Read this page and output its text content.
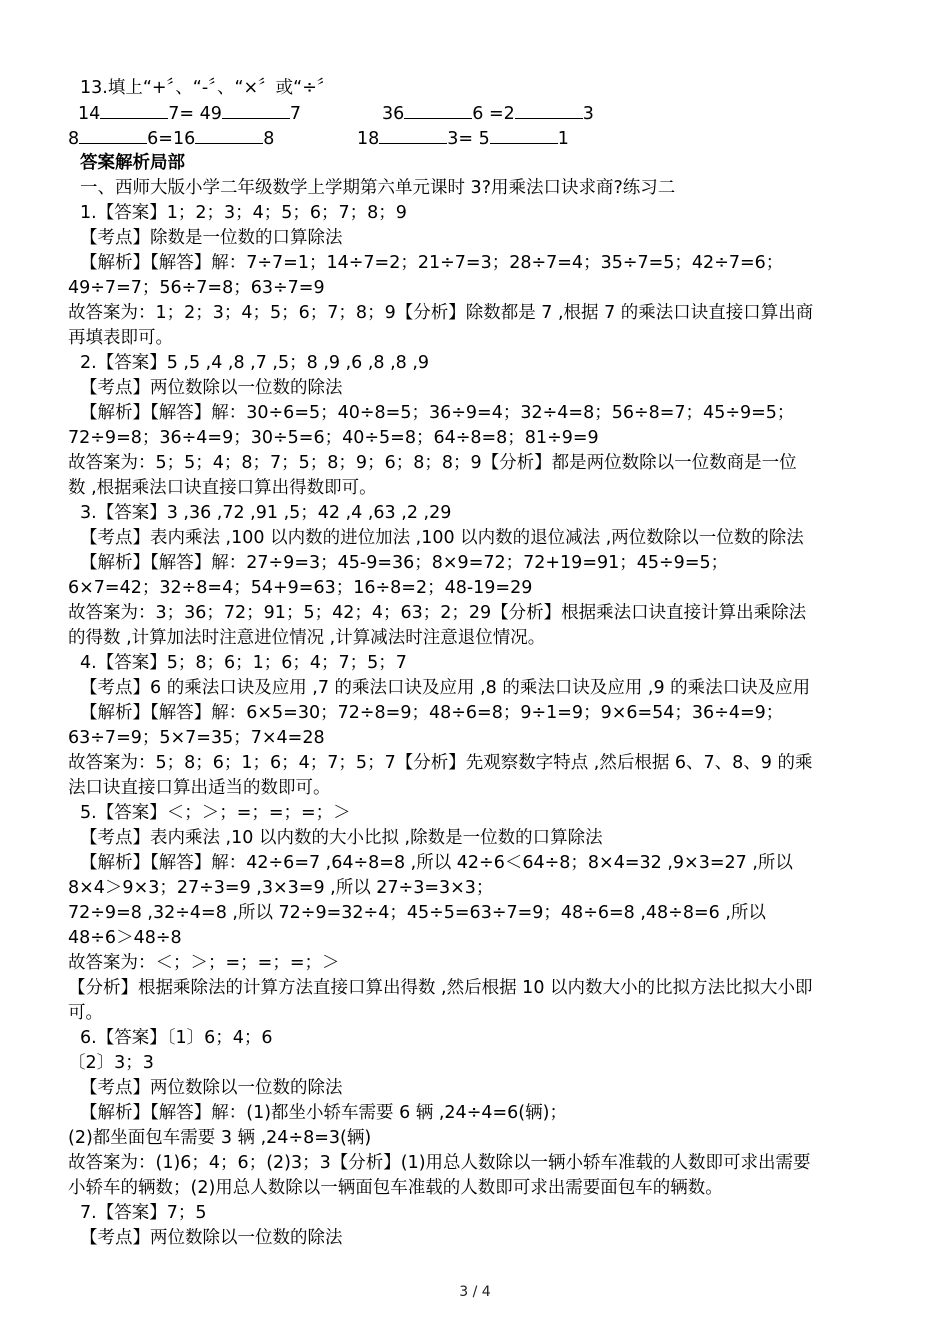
13.填上“+〞、“-〞、“×〞或“÷〞
14	7= 49	7	36	6 =2	3
8	6=16	8	18	3= 5	1
答案解析局部
一、西师大版小学二年级数学上学期第六单元课时 3?用乘法口诀求商?练习二
1.【答案】1；2；3；4；5；6；7；8；9
【考点】除数是一位数的口算除法
【解析】【解答】解：7÷7=1；14÷7=2；21÷7=3；28÷7=4；35÷7=5；42÷7=6；
49÷7=7；56÷7=8；63÷7=9
故答案为：1；2；3；4；5；6；7；8；9【分析】除数都是 7 ,根据 7 的乘法口诀直接口算出商
再填表即可。
2.【答案】5 ,5 ,4 ,8 ,7 ,5；8 ,9 ,6 ,8 ,8 ,9
【考点】两位数除以一位数的除法
【解析】【解答】解：30÷6=5；40÷8=5；36÷9=4；32÷4=8；56÷8=7；45÷9=5；
72÷9=8；36÷4=9；30÷5=6；40÷5=8；64÷8=8；81÷9=9
故答案为：5；5；4；8；7；5；8；9；6；8；8；9【分析】都是两位数除以一位数商是一位
数 ,根据乘法口诀直接口算出得数即可。
3.【答案】3 ,36 ,72 ,91 ,5；42 ,4 ,63 ,2 ,29
【考点】表内乘法 ,100 以内数的进位加法 ,100 以内数的退位减法 ,两位数除以一位数的除法
【解析】【解答】解：27÷9=3；45-9=36；8×9=72；72+19=91；45÷9=5；
6×7=42；32÷8=4；54+9=63；16÷8=2；48-19=29
故答案为：3；36；72；91；5；42；4；63；2；29【分析】根据乘法口诀直接计算出乘除法
的得数 ,计算加法时注意进位情况 ,计算减法时注意退位情况。
4.【答案】5；8；6；1；6；4；7；5；7
【考点】6 的乘法口诀及应用 ,7 的乘法口诀及应用 ,8 的乘法口诀及应用 ,9 的乘法口诀及应用
【解析】【解答】解：6×5=30；72÷8=9；48÷6=8；9÷1=9；9×6=54；36÷4=9；
63÷7=9；5×7=35；7×4=28
故答案为：5；8；6；1；6；4；7；5；7【分析】先观察数字特点 ,然后根据 6、7、8、9 的乘
法口诀直接口算出适当的数即可。
5.【答案】＜；＞；=；=；=；＞
【考点】表内乘法 ,10 以内数的大小比拟 ,除数是一位数的口算除法
【解析】【解答】解：42÷6=7 ,64÷8=8 ,所以 42÷6＜64÷8；8×4=32 ,9×3=27 ,所以
8×4＞9×3；27÷3=9 ,3×3=9 ,所以 27÷3=3×3；
72÷9=8 ,32÷4=8 ,所以 72÷9=32÷4；45÷5=63÷7=9；48÷6=8 ,48÷8=6 ,所以
48÷6＞48÷8
故答案为：＜；＞；=；=；=；＞
【分析】根据乘除法的计算方法直接口算出得数 ,然后根据 10 以内数大小的比拟方法比拟大小即
可。
6.【答案】〔1〕6；4；6
〔2〕3；3
【考点】两位数除以一位数的除法
【解析】【解答】解：(1)都坐小轿车需要 6 辆 ,24÷4=6(辆)；
(2)都坐面包车需要 3 辆 ,24÷8=3(辆)
故答案为：(1)6；4；6；(2)3；3【分析】(1)用总人数除以一辆小轿车准载的人数即可求出需要
小轿车的辆数；(2)用总人数除以一辆面包车准载的人数即可求出需要面包车的辆数。
7.【答案】7；5
【考点】两位数除以一位数的除法
3 / 4
